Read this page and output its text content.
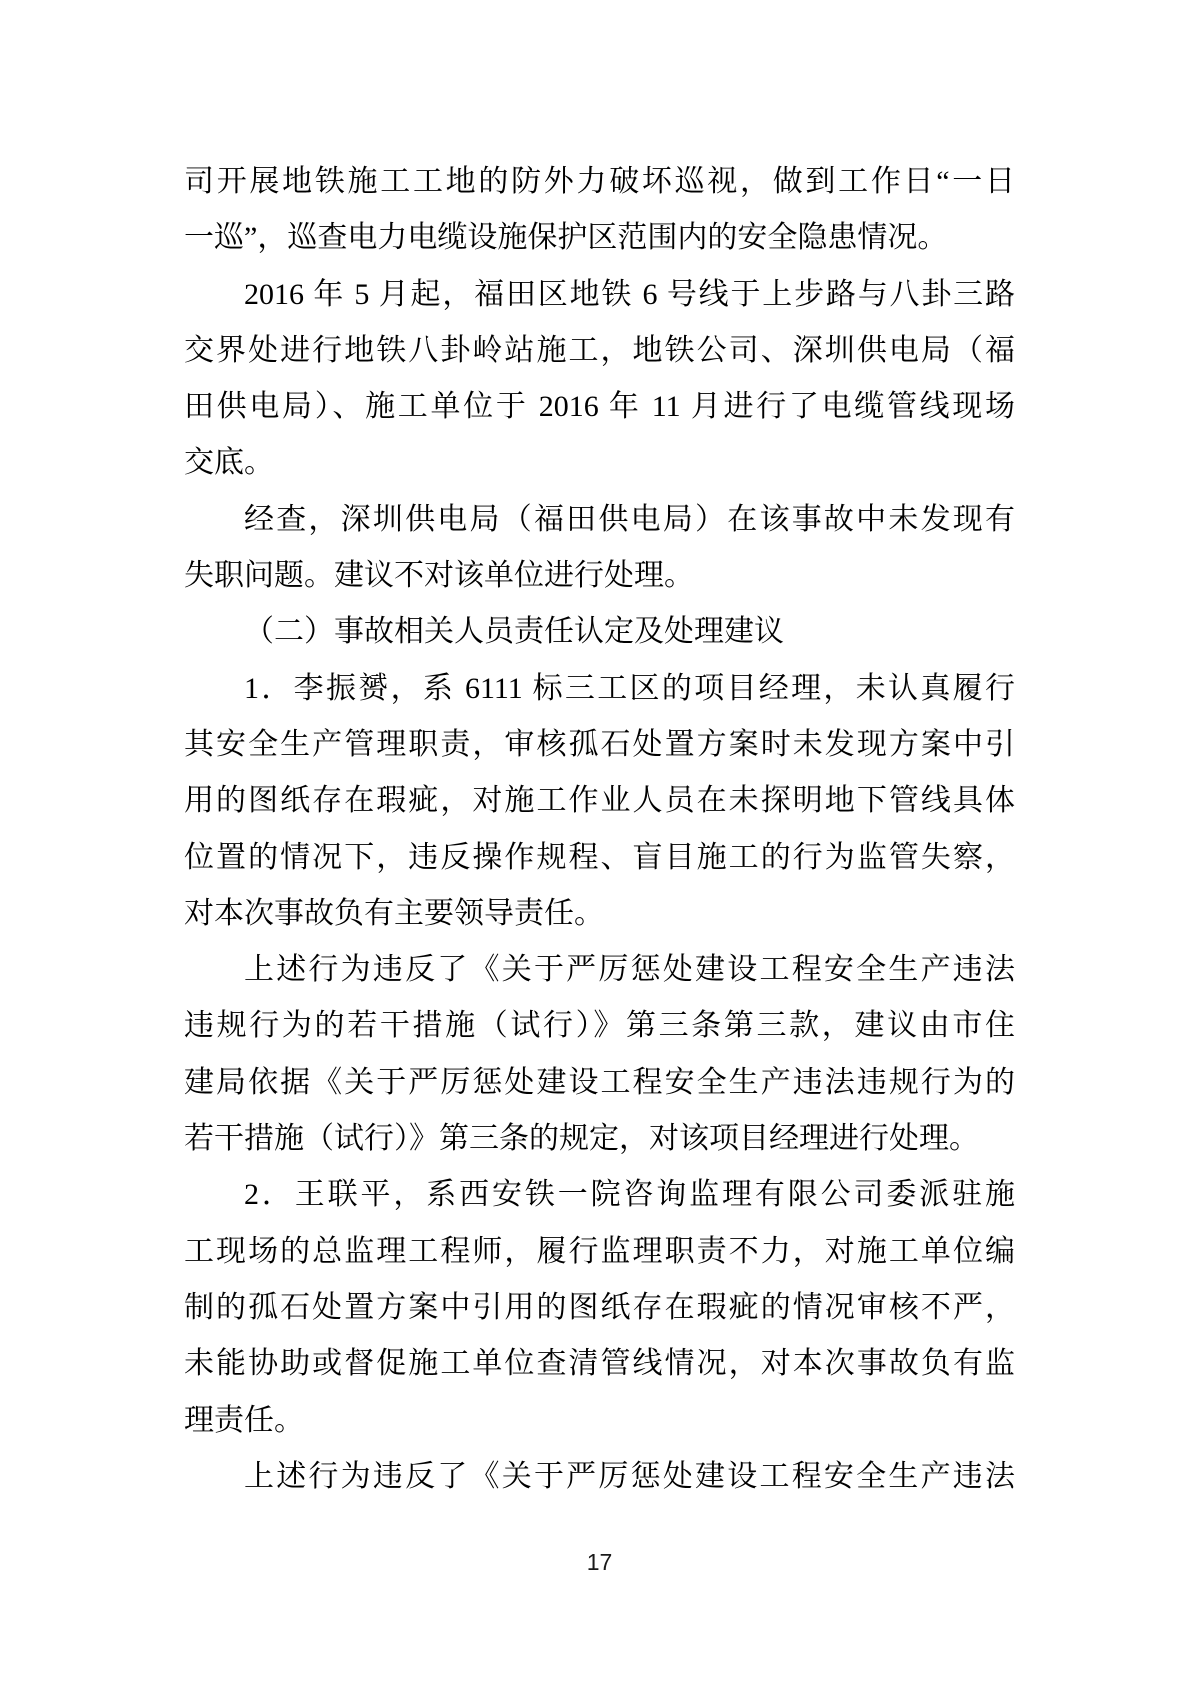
司开展地铁施工工地的防外力破坏巡视，做到工作日“一日
一巡”，巡查电力电缆设施保护区范围内的安全隐患情况。
2016 年 5 月起，福田区地铁 6 号线于上步路与八卦三路
交界处进行地铁八卦岭站施工，地铁公司、深圳供电局（福
田供电局）、施工单位于 2016 年 11 月进行了电缆管线现场
交底。
经查，深圳供电局（福田供电局）在该事故中未发现有
失职问题。建议不对该单位进行处理。
（二）事故相关人员责任认定及处理建议
1．李振赟，系 6111 标三工区的项目经理，未认真履行
其安全生产管理职责，审核孤石处置方案时未发现方案中引
用的图纸存在瑕疵，对施工作业人员在未探明地下管线具体
位置的情况下，违反操作规程、盲目施工的行为监管失察，
对本次事故负有主要领导责任。
上述行为违反了《关于严厉惩处建设工程安全生产违法
违规行为的若干措施（试行）》第三条第三款，建议由市住
建局依据《关于严厉惩处建设工程安全生产违法违规行为的
若干措施（试行）》第三条的规定，对该项目经理进行处理。
2．王联平，系西安铁一院咨询监理有限公司委派驻施
工现场的总监理工程师，履行监理职责不力，对施工单位编
制的孤石处置方案中引用的图纸存在瑕疵的情况审核不严，
未能协助或督促施工单位查清管线情况，对本次事故负有监
理责任。
上述行为违反了《关于严厉惩处建设工程安全生产违法
17
